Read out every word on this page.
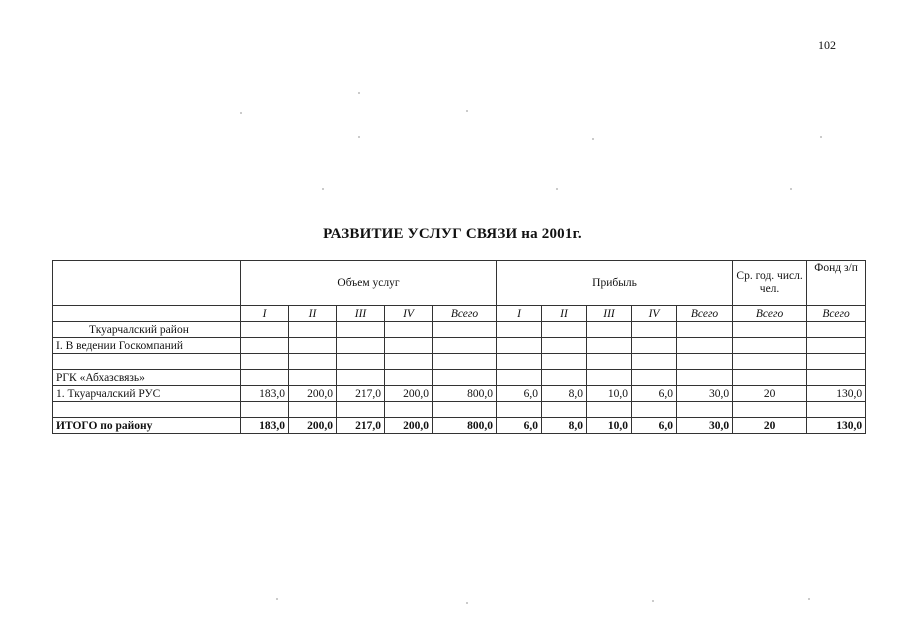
102
РАЗВИТИЕ УСЛУГ СВЯЗИ на 2001г.
	Объем услуг					Прибыль					Ср. год. числ. чел.	Фонд з/п
	I	II	III	IV	Всего	I	II	III	IV	Всего	Всего	Всего
Ткуарчалский район												
I. В ведении Госкомпаний												

РГК «Абхазсвязь»												
1. Ткуарчалский РУС	183,0	200,0	217,0	200,0	800,0	6,0	8,0	10,0	6,0	30,0	20	130,0

ИТОГО по району	183,0	200,0	217,0	200,0	800,0	6,0	8,0	10,0	6,0	30,0	20	130,0
